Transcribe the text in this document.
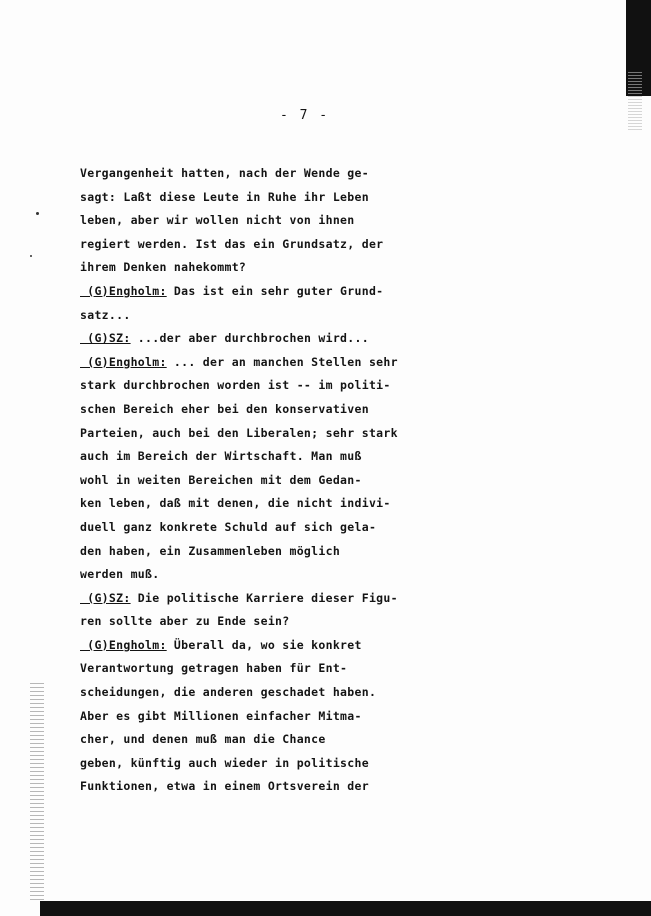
- 7 -
Vergangenheit hatten, nach der Wende ge-
sagt: Laßt diese Leute in Ruhe ihr Leben
leben, aber wir wollen nicht von ihnen
regiert werden. Ist das ein Grundsatz, der
ihrem Denken nahekommt?
(G)Engholm: Das ist ein sehr guter Grund-
satz...
(G)SZ: ...der aber durchbrochen wird...
(G)Engholm: ... der an manchen Stellen sehr
stark durchbrochen worden ist -- im politi-
schen Bereich eher bei den konservativen
Parteien, auch bei den Liberalen; sehr stark
auch im Bereich der Wirtschaft. Man muß
wohl in weiten Bereichen mit dem Gedan-
ken leben, daß mit denen, die nicht indivi-
duell ganz konkrete Schuld auf sich gela-
den haben, ein Zusammenleben möglich
werden muß.
(G)SZ: Die politische Karriere dieser Figu-
ren sollte aber zu Ende sein?
(G)Engholm: Überall da, wo sie konkret
Verantwortung getragen haben für Ent-
scheidungen, die anderen geschadet haben.
Aber es gibt Millionen einfacher Mitma-
cher, und denen muß man die Chance
geben, künftig auch wieder in politische
Funktionen, etwa in einem Ortsverein der
